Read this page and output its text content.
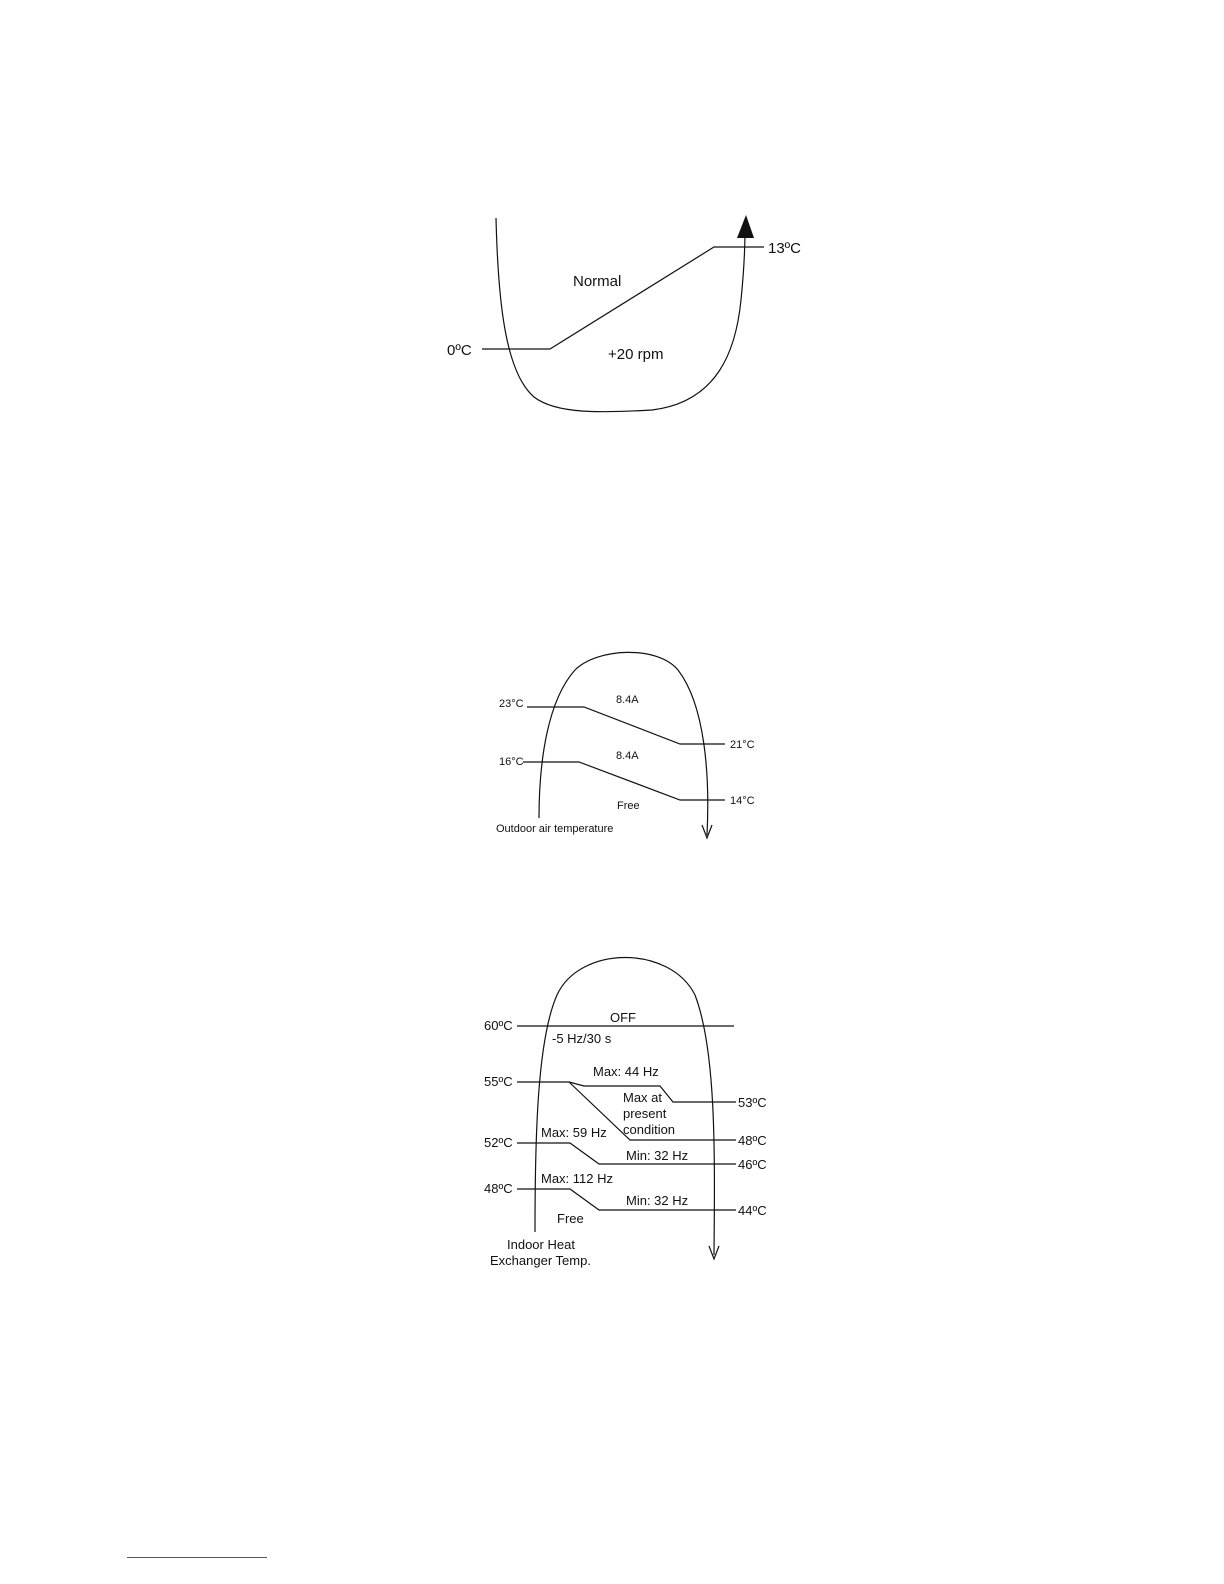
13ºC
0ºC
Normal
+20 rpm
23°C
16°C
21°C
14°C
8.4A
8.4A
Free
Outdoor air temperature
60ºC
55ºC
52ºC
48ºC
53ºC
48ºC
46ºC
44ºC
OFF
-5 Hz/30 s
Max: 44 Hz
Max at
present
condition
Max: 59 Hz
Min: 32 Hz
Max: 112 Hz
Min: 32 Hz
Free
Indoor Heat
Exchanger Temp.
